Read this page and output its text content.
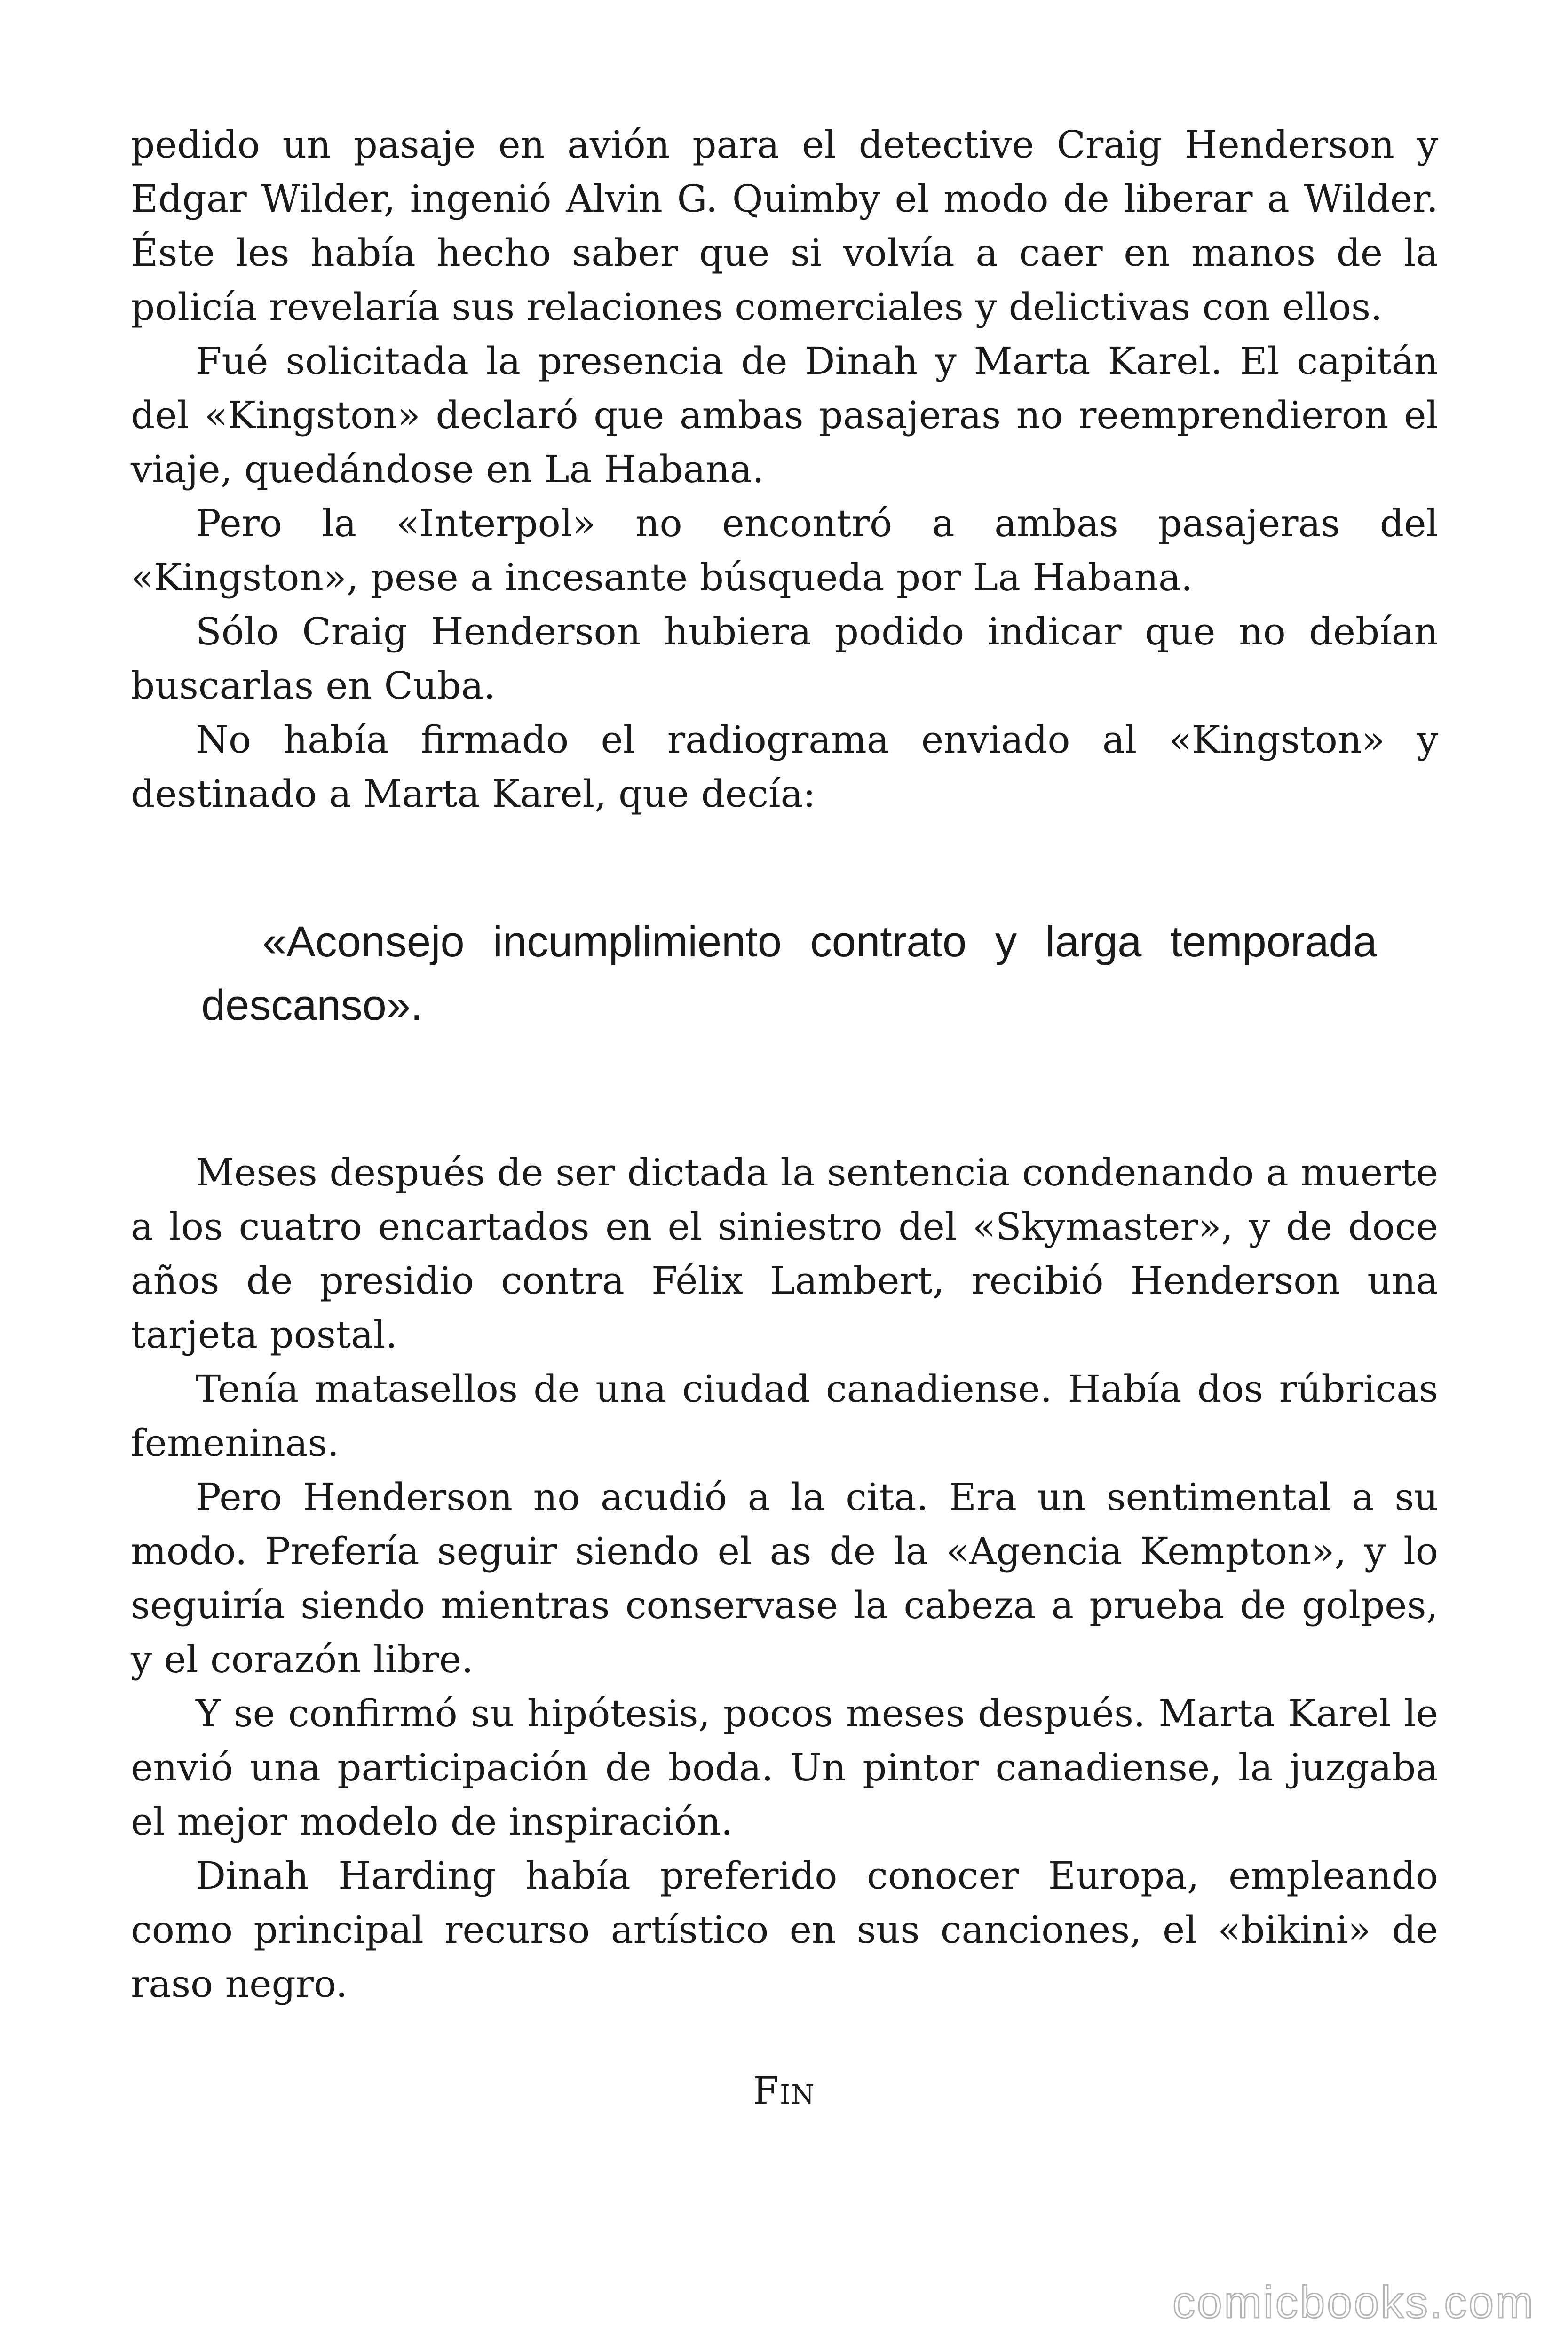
pedido un pasaje en avión para el detective Craig Henderson y Edgar Wilder, ingenió Alvin G. Quimby el modo de liberar a Wilder. Éste les había hecho saber que si volvía a caer en manos de la policía revelaría sus relaciones comerciales y delictivas con ellos.

Fué solicitada la presencia de Dinah y Marta Karel. El capitán del «Kingston» declaró que ambas pasajeras no reemprendieron el viaje, quedándose en La Habana.

Pero la «Interpol» no encontró a ambas pasajeras del «Kingston», pese a incesante búsqueda por La Habana.

Sólo Craig Henderson hubiera podido indicar que no debían buscarlas en Cuba.

No había firmado el radiograma enviado al «Kingston» y destinado a Marta Karel, que decía:

«Aconsejo incumplimiento contrato y larga temporada descanso».

Meses después de ser dictada la sentencia condenando a muerte a los cuatro encartados en el siniestro del «Skymaster», y de doce años de presidio contra Félix Lambert, recibió Henderson una tarjeta postal.

Tenía matasellos de una ciudad canadiense. Había dos rúbricas femeninas.

Pero Henderson no acudió a la cita. Era un sentimental a su modo. Prefería seguir siendo el as de la «Agencia Kempton», y lo seguiría siendo mientras conservase la cabeza a prueba de golpes, y el corazón libre.

Y se confirmó su hipótesis, pocos meses después. Marta Karel le envió una participación de boda. Un pintor canadiense, la juzgaba el mejor modelo de inspiración.

Dinah Harding había preferido conocer Europa, empleando como principal recurso artístico en sus canciones, el «bikini» de raso negro.

Fin
comicbooks.com
